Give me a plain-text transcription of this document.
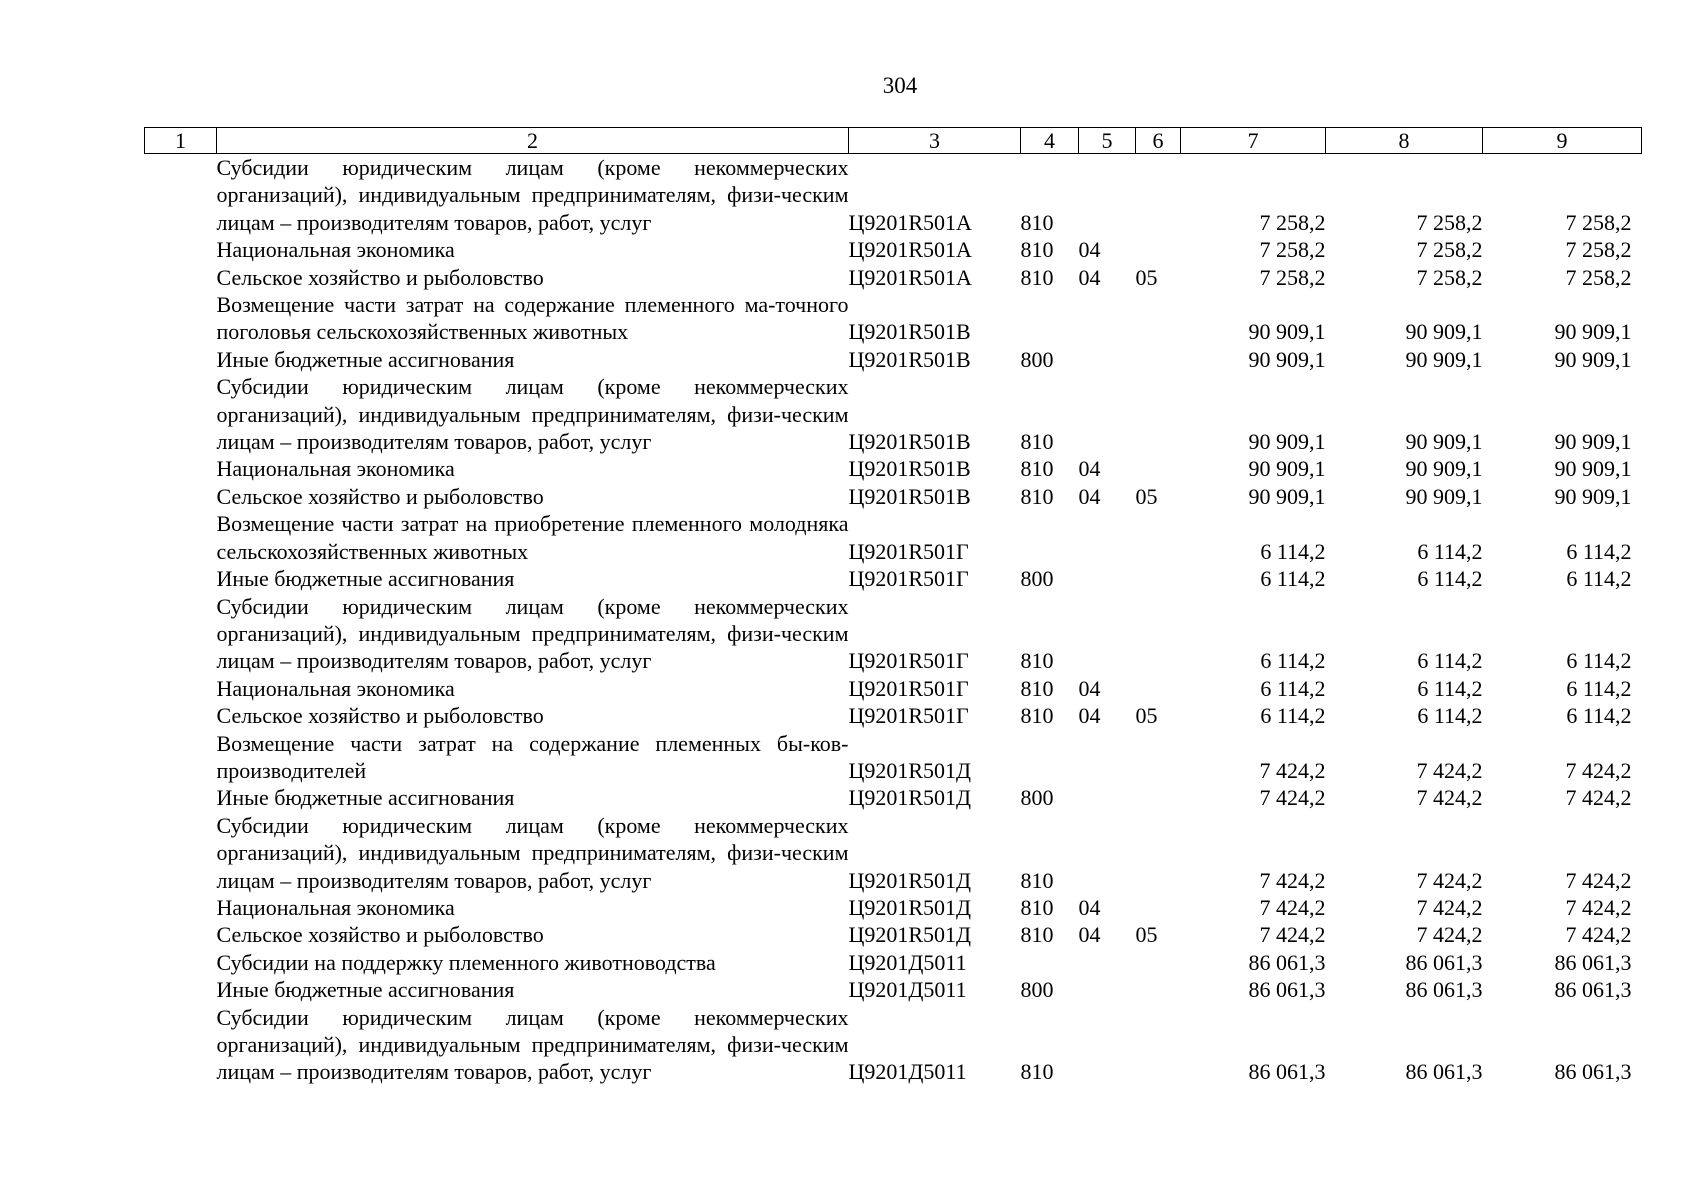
304
1	2	3	4	5	6	7	8	9
	Субсидии юридическим лицам (кроме некоммерческих организаций), индивидуальным предпринимателям, физи-ческим лицам – производителям товаров, работ, услуг	Ц9201R501А	810			7 258,2	7 258,2	7 258,2
	Национальная экономика	Ц9201R501А	810	04		7 258,2	7 258,2	7 258,2
	Сельское хозяйство и рыболовство	Ц9201R501А	810	04	05	7 258,2	7 258,2	7 258,2
	Возмещение части затрат на содержание племенного ма-точного поголовья сельскохозяйственных животных	Ц9201R501В				90 909,1	90 909,1	90 909,1
	Иные бюджетные ассигнования	Ц9201R501В	800			90 909,1	90 909,1	90 909,1
	Субсидии юридическим лицам (кроме некоммерческих организаций), индивидуальным предпринимателям, физи-ческим лицам – производителям товаров, работ, услуг	Ц9201R501В	810			90 909,1	90 909,1	90 909,1
	Национальная экономика	Ц9201R501В	810	04		90 909,1	90 909,1	90 909,1
	Сельское хозяйство и рыболовство	Ц9201R501В	810	04	05	90 909,1	90 909,1	90 909,1
	Возмещение части затрат на приобретение племенного молодняка сельскохозяйственных животных	Ц9201R501Г				6 114,2	6 114,2	6 114,2
	Иные бюджетные ассигнования	Ц9201R501Г	800			6 114,2	6 114,2	6 114,2
	Субсидии юридическим лицам (кроме некоммерческих организаций), индивидуальным предпринимателям, физи-ческим лицам – производителям товаров, работ, услуг	Ц9201R501Г	810			6 114,2	6 114,2	6 114,2
	Национальная экономика	Ц9201R501Г	810	04		6 114,2	6 114,2	6 114,2
	Сельское хозяйство и рыболовство	Ц9201R501Г	810	04	05	6 114,2	6 114,2	6 114,2
	Возмещение части затрат на содержание племенных бы-ков-производителей	Ц9201R501Д				7 424,2	7 424,2	7 424,2
	Иные бюджетные ассигнования	Ц9201R501Д	800			7 424,2	7 424,2	7 424,2
	Субсидии юридическим лицам (кроме некоммерческих организаций), индивидуальным предпринимателям, физи-ческим лицам – производителям товаров, работ, услуг	Ц9201R501Д	810			7 424,2	7 424,2	7 424,2
	Национальная экономика	Ц9201R501Д	810	04		7 424,2	7 424,2	7 424,2
	Сельское хозяйство и рыболовство	Ц9201R501Д	810	04	05	7 424,2	7 424,2	7 424,2
	Субсидии на поддержку племенного животноводства	Ц9201Д5011				86 061,3	86 061,3	86 061,3
	Иные бюджетные ассигнования	Ц9201Д5011	800			86 061,3	86 061,3	86 061,3
	Субсидии юридическим лицам (кроме некоммерческих организаций), индивидуальным предпринимателям, физи-ческим лицам – производителям товаров, работ, услуг	Ц9201Д5011	810			86 061,3	86 061,3	86 061,3
